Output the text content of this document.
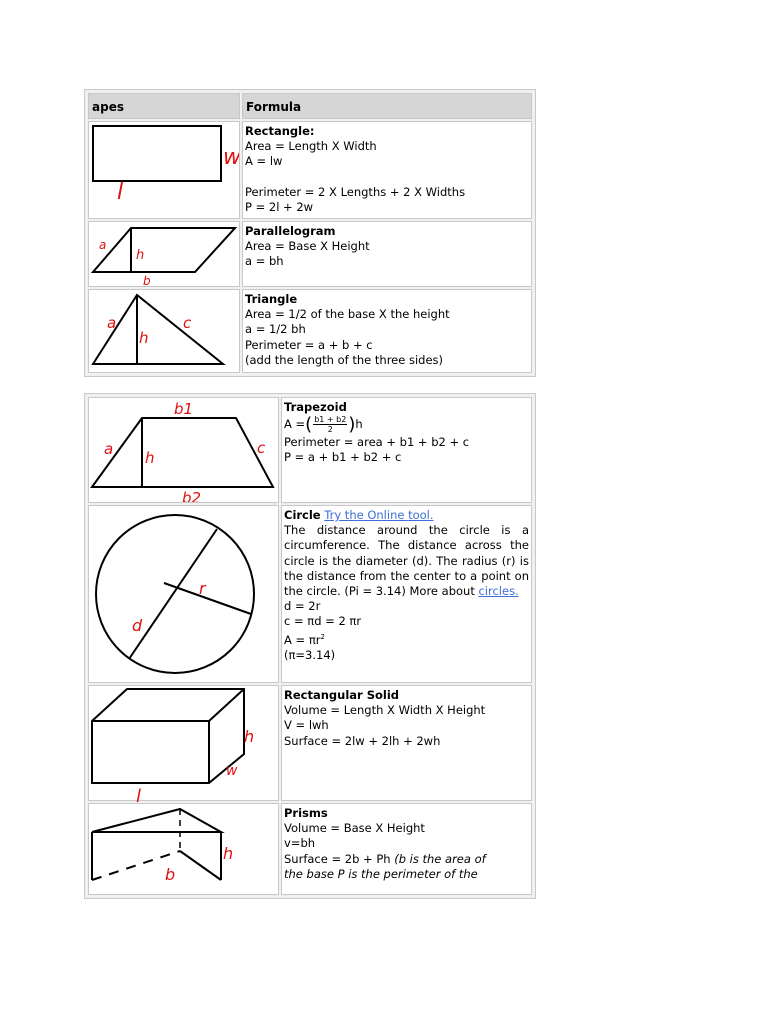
apes	Formula
w
l
Rectangle:
Area = Length X Width
A = lw
Perimeter = 2 X Lengths + 2 X Widths
P = 2l + 2w
a
h
b
Parallelogram
Area = Base X Height
a = bh
a
h
c
Triangle
Area = 1/2 of the base X the height
a = 1/2 bh
Perimeter = a + b + c
(add the length of the three sides)
b1
a h
c
b2
Trapezoid
A =( $\frac{b1 + b2}{2})h$
Perimeter = area + b1 + b2 + c
P = a + b1 + b2 + c
r
d
Circle Try the Online tool.
The distance around the circle is a circumference. The distance across the circle is the diameter (d). The radius (r) is the distance from the center to a point on the circle. (Pi = 3.14) More about circles.
d = 2r
c = πd = 2 πr
$A = \pi r^2$
(π=3.14)
h
w
Rectangular Solid
Volume = Length X Width X Height
V = lwh
Surface = 2lw + 2lh + 2wh
h
b
Prisms
Volume = Base X Height
v=bh
Surface = 2b + Ph (b is the area of
the base P is the perimeter of the
l
